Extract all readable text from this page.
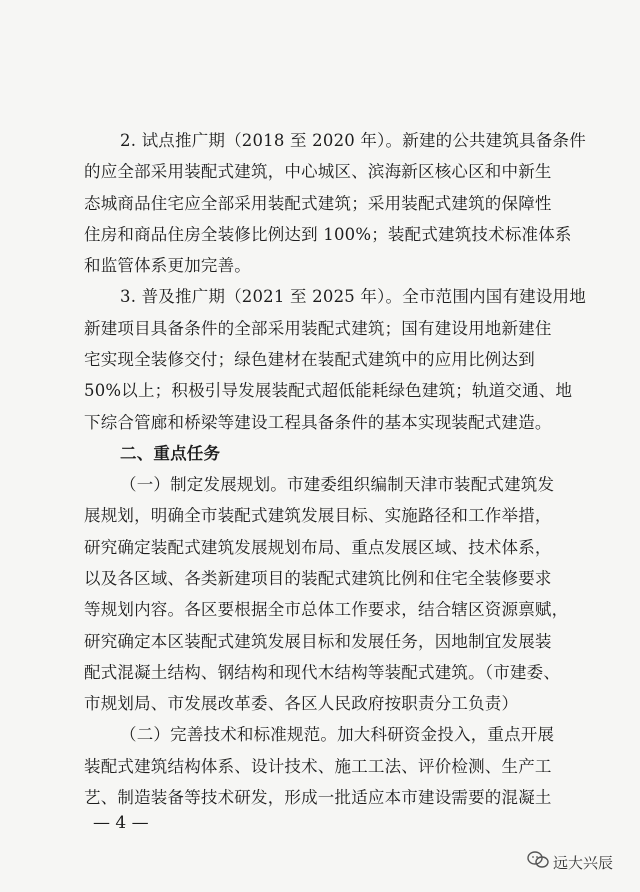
2. 试点推广期（2018 至 2020 年）。新建的公共建筑具备条件
的应全部采用装配式建筑，中心城区、滨海新区核心区和中新生
态城商品住宅应全部采用装配式建筑；采用装配式建筑的保障性
住房和商品住房全装修比例达到 100%；装配式建筑技术标准体系
和监管体系更加完善。
3. 普及推广期（2021 至 2025 年）。全市范围内国有建设用地
新建项目具备条件的全部采用装配式建筑；国有建设用地新建住
宅实现全装修交付；绿色建材在装配式建筑中的应用比例达到
50%以上；积极引导发展装配式超低能耗绿色建筑；轨道交通、地
下综合管廊和桥梁等建设工程具备条件的基本实现装配式建造。
二、重点任务
（一）制定发展规划。市建委组织编制天津市装配式建筑发
展规划，明确全市装配式建筑发展目标、实施路径和工作举措，
研究确定装配式建筑发展规划布局、重点发展区域、技术体系，
以及各区域、各类新建项目的装配式建筑比例和住宅全装修要求
等规划内容。各区要根据全市总体工作要求，结合辖区资源禀赋，
研究确定本区装配式建筑发展目标和发展任务，因地制宜发展装
配式混凝土结构、钢结构和现代木结构等装配式建筑。（市建委、
市规划局、市发展改革委、各区人民政府按职责分工负责）
（二）完善技术和标准规范。加大科研资金投入，重点开展
装配式建筑结构体系、设计技术、施工工法、评价检测、生产工
艺、制造装备等技术研发，形成一批适应本市建设需要的混凝土
远大兴辰
— 4 —
